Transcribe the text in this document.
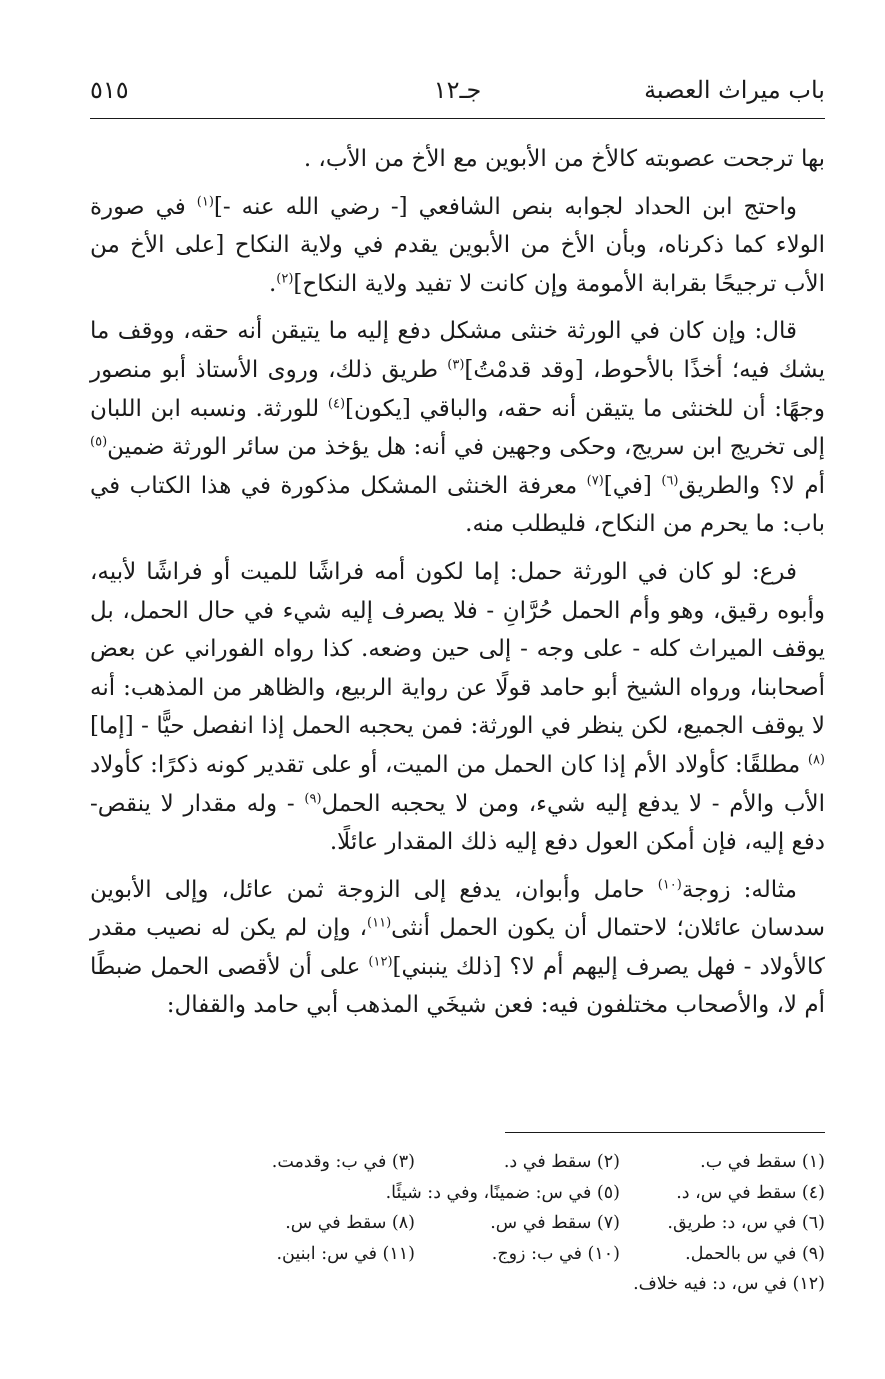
باب ميراث العصبة
جـ١٢
٥١٥

بها ترجحت عصوبته كالأخ من الأبوين مع الأخ من الأب، .

واحتج ابن الحداد لجوابه بنص الشافعي [- رضي الله عنه -]$^{(١)}$ في صورة الولاء كما ذكرناه، وبأن الأخ من الأبوين يقدم في ولاية النكاح [على الأخ من الأب ترجيحًا بقرابة الأمومة وإن كانت لا تفيد ولاية النكاح]$^{(٢)}$.

قال: وإن كان في الورثة خنثى مشكل دفع إليه ما يتيقن أنه حقه، ووقف ما يشك فيه؛ أخذًا بالأحوط، [وقد قدمْتُ]$^{(٣)}$ طريق ذلك، وروى الأستاذ أبو منصور وجهًا: أن للخنثى ما يتيقن أنه حقه، والباقي [يكون]$^{(٤)}$ للورثة. ونسبه ابن اللبان إلى تخريج ابن سريج، وحكى وجهين في أنه: هل يؤخذ من سائر الورثة ضمين$^{(٥)}$ أم لا؟ والطريق$^{(٦)}$ [في]$^{(٧)}$ معرفة الخنثى المشكل مذكورة في هذا الكتاب في باب: ما يحرم من النكاح، فليطلب منه.

فرع: لو كان في الورثة حمل: إما لكون أمه فراشًا للميت أو فراشًا لأبيه، وأبوه رقيق، وهو وأم الحمل حُرَّانِ - فلا يصرف إليه شيء في حال الحمل، بل يوقف الميراث كله - على وجه - إلى حين وضعه. كذا رواه الفوراني عن بعض أصحابنا، ورواه الشيخ أبو حامد قولًا عن رواية الربيع، والظاهر من المذهب: أنه لا يوقف الجميع، لكن ينظر في الورثة: فمن يحجبه الحمل إذا انفصل حيًّا - [إما]$^{(٨)}$ مطلقًا: كأولاد الأم إذا كان الحمل من الميت، أو على تقدير كونه ذكرًا: كأولاد الأب والأم - لا يدفع إليه شيء، ومن لا يحجبه الحمل$^{(٩)}$ - وله مقدار لا ينقص- دفع إليه، فإن أمكن العول دفع إليه ذلك المقدار عائلًا.

مثاله: زوجة$^{(١٠)}$ حامل وأبوان، يدفع إلى الزوجة ثمن عائل، وإلى الأبوين سدسان عائلان؛ لاحتمال أن يكون الحمل أنثى$^{(١١)}$، وإن لم يكن له نصيب مقدر كالأولاد - فهل يصرف إليهم أم لا؟ [ذلك ينبني]$^{(١٢)}$ على أن لأقصى الحمل ضبطًا أم لا، والأصحاب مختلفون فيه: فعن شيخَي المذهب أبي حامد والقفال:

(١) سقط في ب.
(٢) سقط في د.
(٣) في ب: وقدمت.
(٤) سقط في س، د.
(٥) في س: ضمينًا، وفي د: شيئًا.
(٦) في س، د: طريق.
(٧) سقط في س.
(٨) سقط في س.
(٩) في س بالحمل.
(١٠) في ب: زوج.
(١١) في س: ابنين.
(١٢) في س، د: فيه خلاف.
